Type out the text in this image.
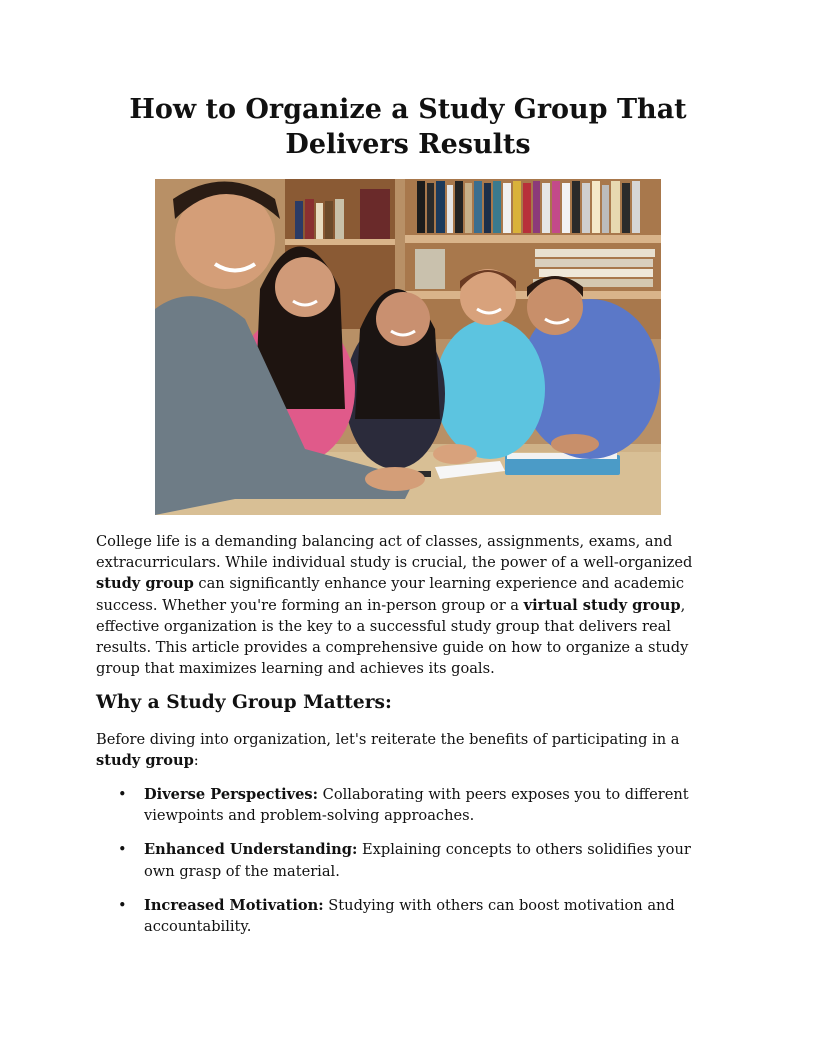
How to Organize a Study Group That Delivers Results

College life is a demanding balancing act of classes, assignments, exams, and extracurriculars. While individual study is crucial, the power of a well-organized study group can significantly enhance your learning experience and academic success. Whether you're forming an in-person group or a virtual study group, effective organization is the key to a successful study group that delivers real results. This article provides a comprehensive guide on how to organize a study group that maximizes learning and achieves its goals.

Why a Study Group Matters:

Before diving into organization, let's reiterate the benefits of participating in a study group:

• Diverse Perspectives: Collaborating with peers exposes you to different viewpoints and problem-solving approaches.
• Enhanced Understanding: Explaining concepts to others solidifies your own grasp of the material.
• Increased Motivation: Studying with others can boost motivation and accountability.
